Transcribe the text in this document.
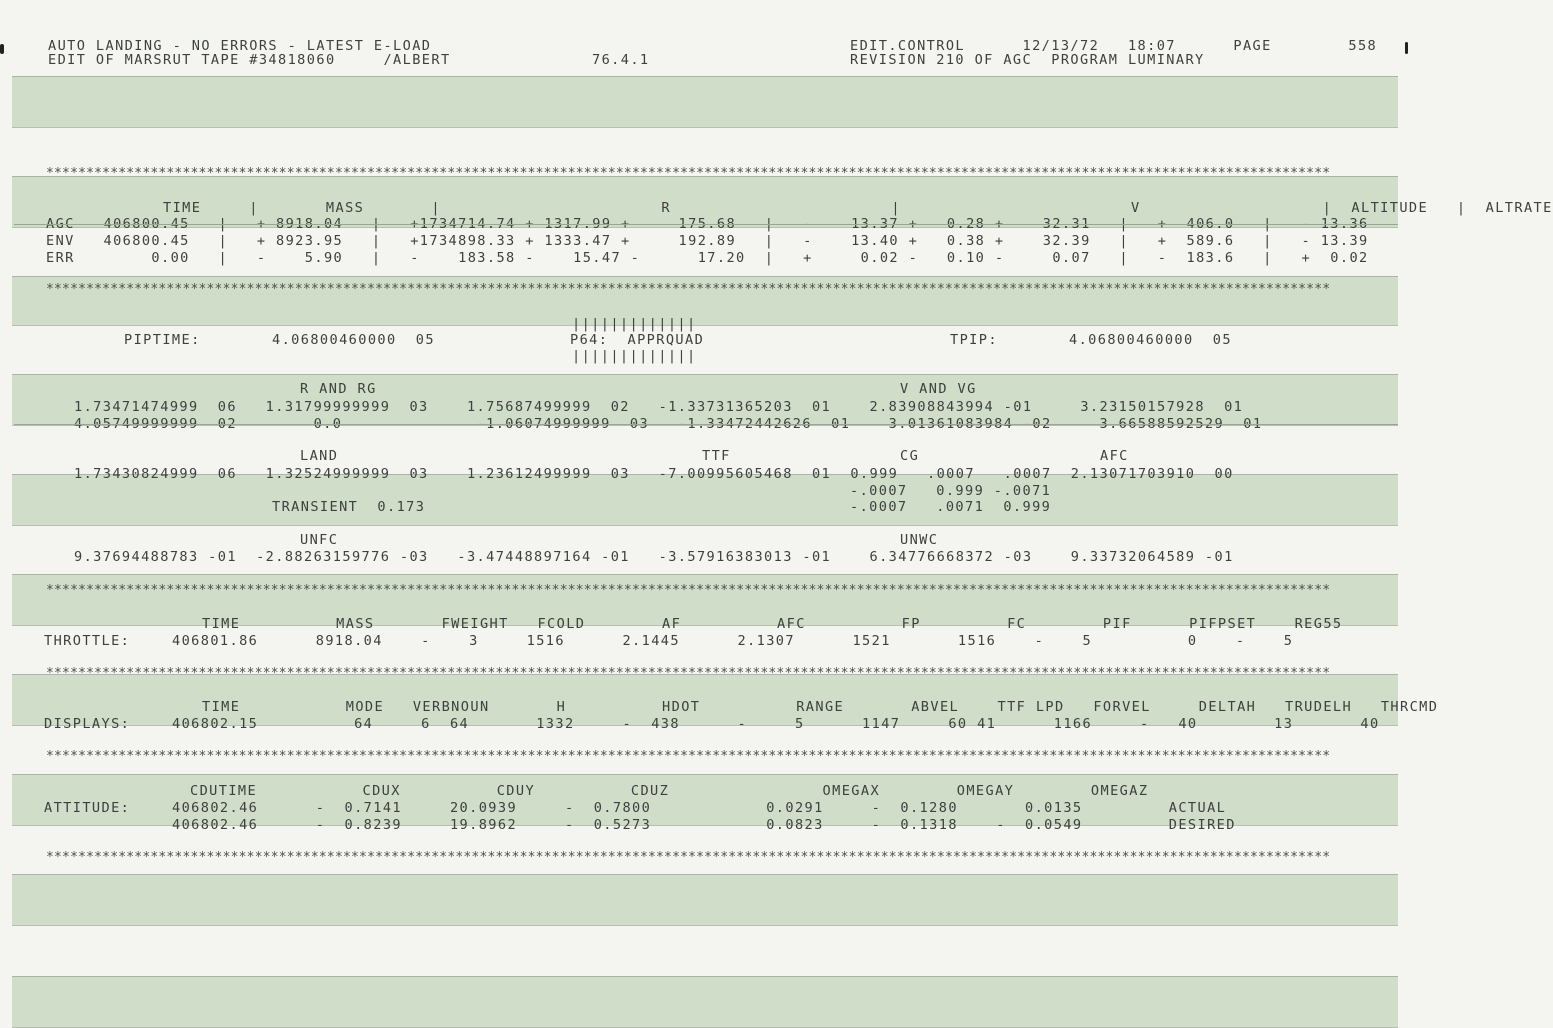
AUTO LANDING - NO ERRORS - LATEST E-LOAD
EDIT OF MARSRUT TAPE #34818060     /ALBERT	76.4.1
EDIT.CONTROL      12/13/72   18:07      PAGE        558
REVISION 210 OF AGC  PROGRAM LUMINARY
****************************************************************************************************************************************************************
TIME     |       MASS       |                       R                       |                        V                   |  ALTITUDE   |  ALTRATE
AGC   406800.45   |   + 8918.04   |   +1734714.74 + 1317.99 +     175.68   |   -    13.37 +   0.28 +    32.31   |   +  406.0   |   - 13.36
ENV   406800.45   |   + 8923.95   |   +1734898.33 + 1333.47 +     192.89   |   -    13.40 +   0.38 +    32.39   |   +  589.6   |   - 13.39
ERR        0.00   |   -    5.90   |   -    183.58 -    15.47 -      17.20  |   +     0.02 -   0.10 -     0.07   |   -  183.6   |   +  0.02
****************************************************************************************************************************************************************
|||||||||||||
PIPTIME:	4.06800460000  05	P64:  APPRQUAD	TPIP:	4.06800460000  05
|||||||||||||
R AND RG	V AND VG
1.73471474999  06   1.31799999999  03    1.75687499999  02   -1.33731365203  01    2.83908843994 -01     3.23150157928  01
4.05749999999  02        0.0              -1.06074999999  03   -1.33472442626  01    3.01361083984 -02     3.66588592529  01
LAND	TTF	CG	AFC
1.73430824999  06   1.32524999999  03    1.23612499999  03   -7.00995605468  01  0.999   .0007   .0007  2.13071703910  00
-.0007   0.999 -.0071
TRANSIENT  0.173	-.0007   .0071  0.999
UNFC	UNWC
9.37694488783 -01  -2.88263159776 -03   -3.47448897164 -01   -3.57916383013 -01    6.34776668372 -03    9.33732064589 -01
****************************************************************************************************************************************************************
TIME          MASS       FWEIGHT   FCOLD        AF          AFC          FP         FC        PIF      PIFPSET    REG55
THROTTLE:	406801.86      8918.04    -    3     1516      2.1445      2.1307      1521       1516    -    5          0    -    5
****************************************************************************************************************************************************************
TIME           MODE   VERBNOUN       H          HDOT          RANGE       ABVEL    TTF LPD   FORVEL     DELTAH   TRUDELH   THRCMD
DISPLAYS:	406802.15          64     6  64       1332     -  438      -     5      1147     60 41      1166     -   40        13       40
****************************************************************************************************************************************************************
CDUTIME           CDUX          CDUY          CDUZ                OMEGAX        OMEGAY        OMEGAZ
ATTITUDE:	406802.46      -  0.7141     20.0939     -  0.7800            0.0291     -  0.1280       0.0135         ACTUAL
406802.46      -  0.8239     19.8962     -  0.5273            0.0823     -  0.1318    -  0.0549         DESIRED
****************************************************************************************************************************************************************
